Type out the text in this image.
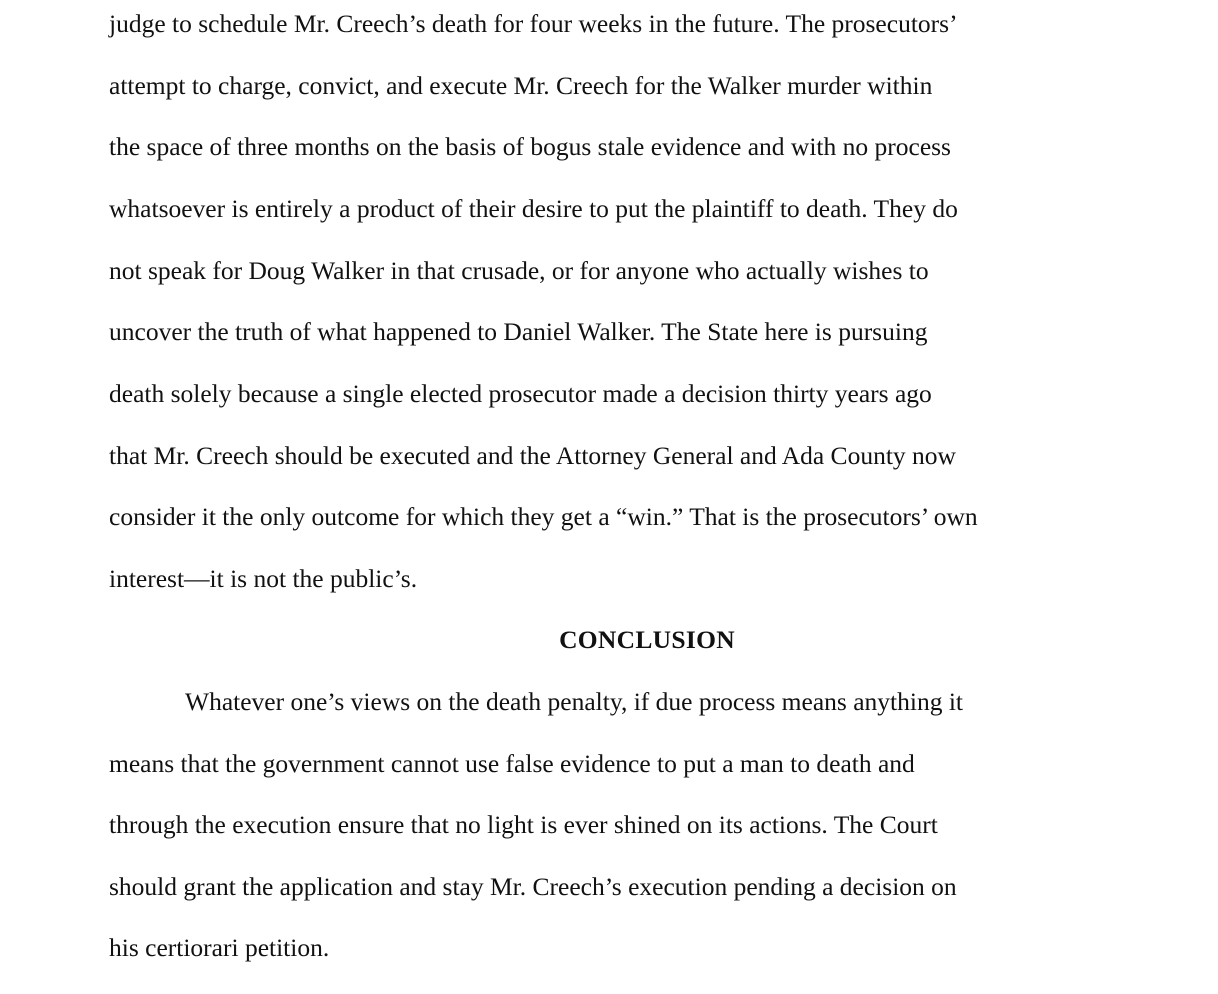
judge to schedule Mr. Creech’s death for four weeks in the future. The prosecutors’

attempt to charge, convict, and execute Mr. Creech for the Walker murder within

the space of three months on the basis of bogus stale evidence and with no process

whatsoever is entirely a product of their desire to put the plaintiff to death. They do

not speak for Doug Walker in that crusade, or for anyone who actually wishes to

uncover the truth of what happened to Daniel Walker. The State here is pursuing

death solely because a single elected prosecutor made a decision thirty years ago

that Mr. Creech should be executed and the Attorney General and Ada County now

consider it the only outcome for which they get a “win.” That is the prosecutors’ own

interest—it is not the public’s.

CONCLUSION

Whatever one’s views on the death penalty, if due process means anything it

means that the government cannot use false evidence to put a man to death and

through the execution ensure that no light is ever shined on its actions. The Court

should grant the application and stay Mr. Creech’s execution pending a decision on

his certiorari petition.
